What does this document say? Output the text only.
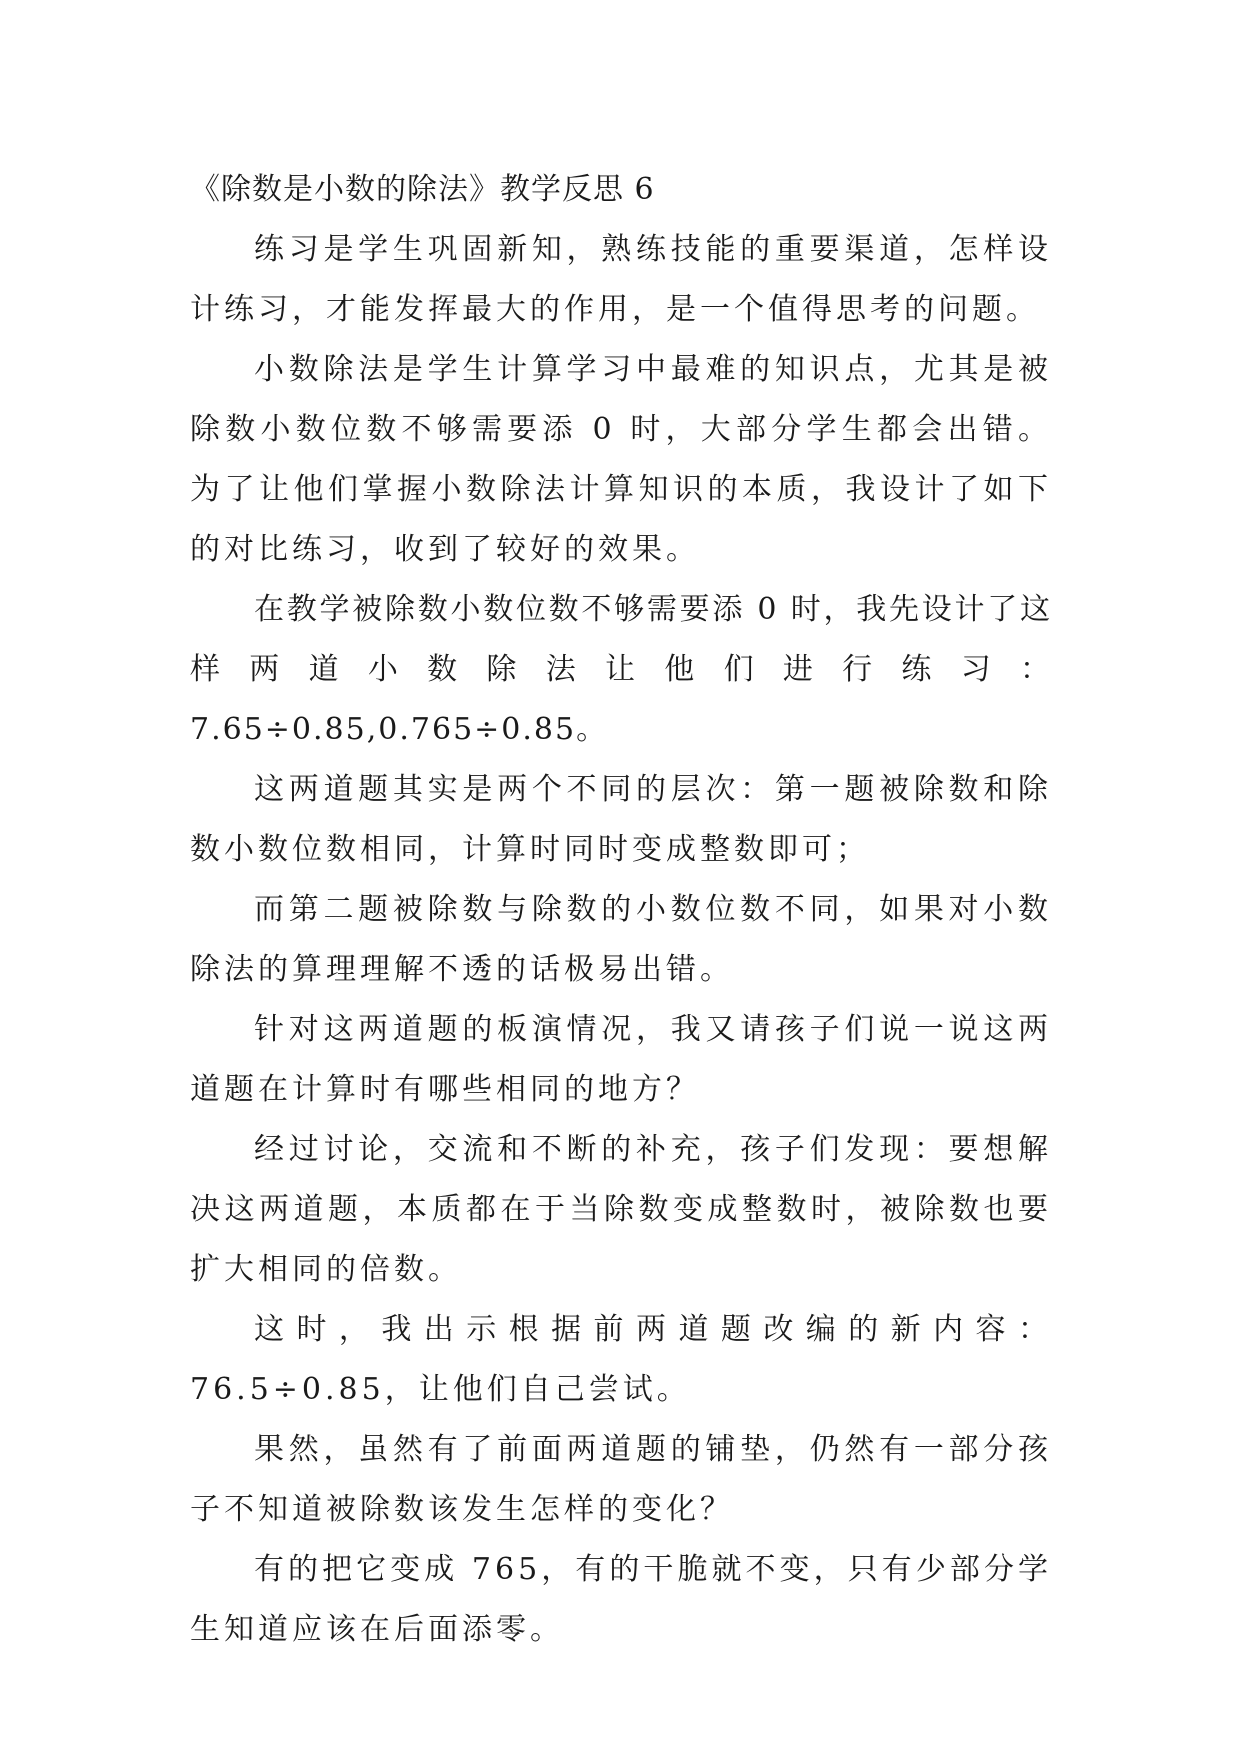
《除数是小数的除法》教学反思 6

练习是学生巩固新知，熟练技能的重要渠道，怎样设计练习，才能发挥最大的作用，是一个值得思考的问题。

小数除法是学生计算学习中最难的知识点，尤其是被除数小数位数不够需要添 0 时，大部分学生都会出错。为了让他们掌握小数除法计算知识的本质，我设计了如下的对比练习，收到了较好的效果。

在教学被除数小数位数不够需要添 0 时，我先设计了这样两道小数除法让他们进行练习：7.65÷0.85,0.765÷0.85。

这两道题其实是两个不同的层次：第一题被除数和除数小数位数相同，计算时同时变成整数即可；

而第二题被除数与除数的小数位数不同，如果对小数除法的算理理解不透的话极易出错。

针对这两道题的板演情况，我又请孩子们说一说这两道题在计算时有哪些相同的地方？

经过讨论，交流和不断的补充，孩子们发现：要想解决这两道题，本质都在于当除数变成整数时，被除数也要扩大相同的倍数。

这时，我出示根据前两道题改编的新内容：76.5÷0.85，让他们自己尝试。

果然，虽然有了前面两道题的铺垫，仍然有一部分孩子不知道被除数该发生怎样的变化？

有的把它变成 765，有的干脆就不变，只有少部分学生知道应该在后面添零。
